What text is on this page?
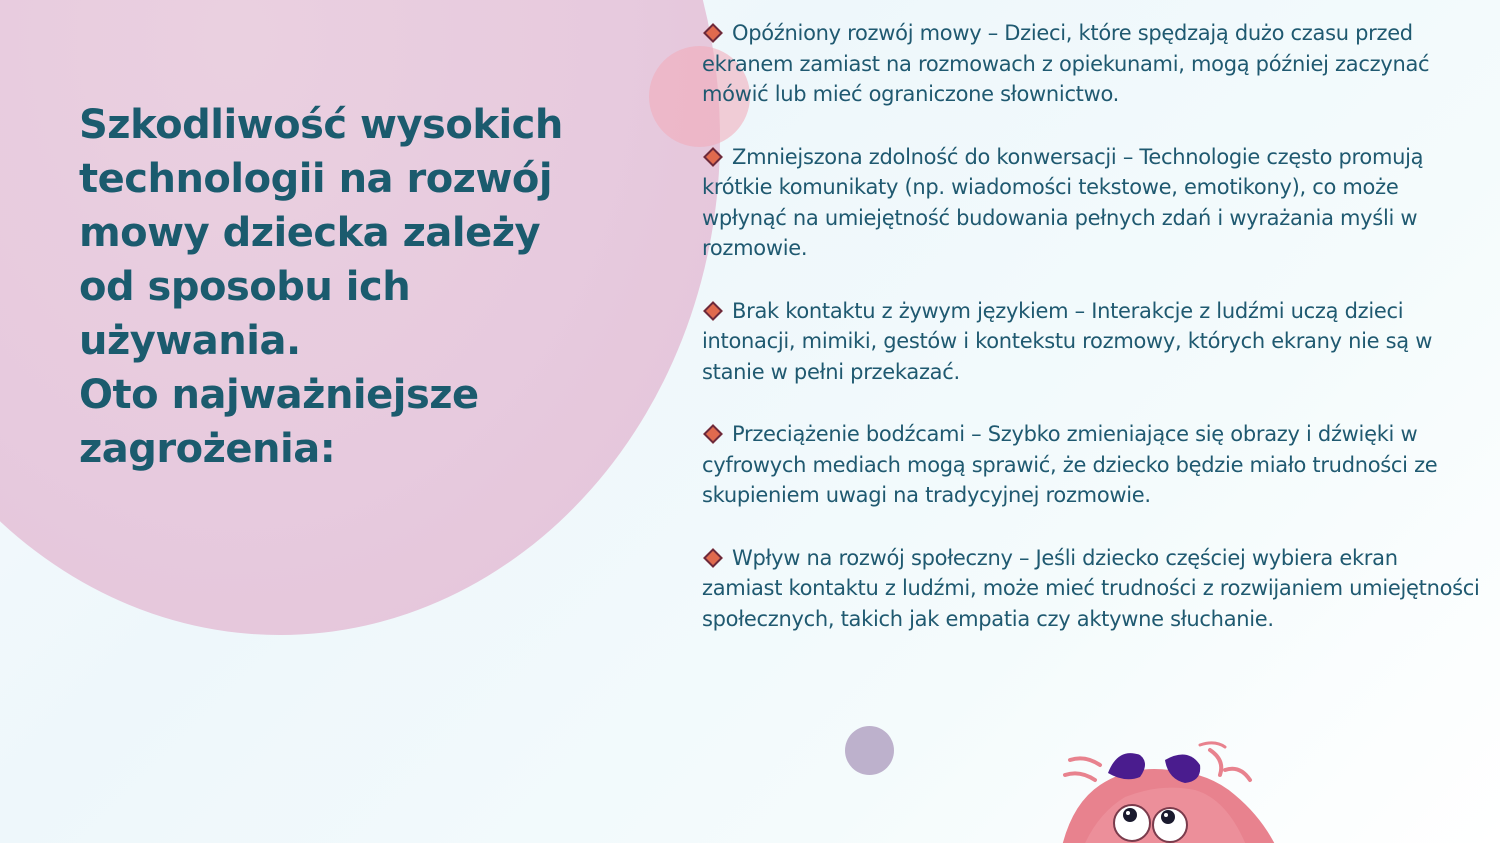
Szkodliwość wysokich
technologii na rozwój
mowy dziecka zależy
od sposobu ich
używania.
Oto najważniejsze
zagrożenia:
Opóźniony rozwój mowy – Dzieci, które spędzają dużo czasu przed ekranem zamiast na rozmowach z opiekunami, mogą później zaczynać mówić lub mieć ograniczone słownictwo.
Zmniejszona zdolność do konwersacji – Technologie często promują krótkie komunikaty (np. wiadomości tekstowe, emotikony), co może wpłynąć na umiejętność budowania pełnych zdań i wyrażania myśli w rozmowie.
Brak kontaktu z żywym językiem – Interakcje z ludźmi uczą dzieci intonacji, mimiki, gestów i kontekstu rozmowy, których ekrany nie są w stanie w pełni przekazać.
Przeciążenie bodźcami – Szybko zmieniające się obrazy i dźwięki w cyfrowych mediach mogą sprawić, że dziecko będzie miało trudności ze skupieniem uwagi na tradycyjnej rozmowie.
Wpływ na rozwój społeczny – Jeśli dziecko częściej wybiera ekran zamiast kontaktu z ludźmi, może mieć trudności z rozwijaniem umiejętności społecznych, takich jak empatia czy aktywne słuchanie.
